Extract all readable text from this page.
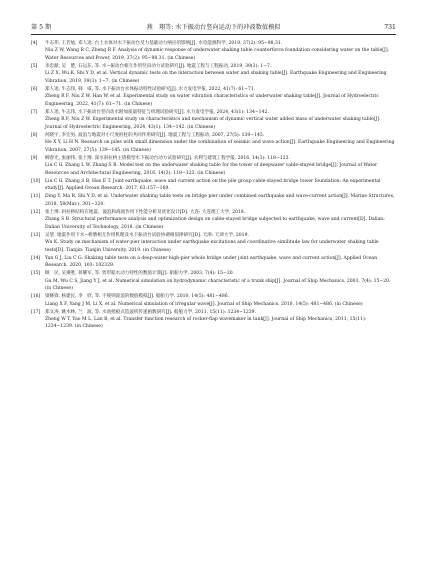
第 5 期	燕　翔等: 水下振动台竖向运动下的冲波数值模拟	731
[4] 牛志伟, 王若灿, 邓人逵. 台上水体对水下振动台反力基础动力响应的影响[J]. 水电能源科学, 2019, 37(2): 95−98,31.
Niu Z W, Wang R C, Zheng R F. Analysis of dynamic response of underwater shaking table counterforce foundation considering water on the table[J]. Water Resources and Power, 2019, 37(2): 95−98,31. (in Chinese)
[5] 李忠献, 吴　楚, 石运东, 等. 水−振动台相互作用竖向动力试验研究[J]. 地震工程与工程振动, 2019, 39(3): 1−7.
Li Z X, Wu K, Shi Y D, et al. Vertical dynamic tests on the interaction between water and shaking table[J]. Earthquake Engineering and Engineering Vibration, 2019, 39(3): 1−7. (in Chinese)
[6] 郑人逵, 牛志伟, 韩　威, 等. 水下振动台水体振动特性试验研究[J]. 水力发电学报, 2022, 41(7): 61−71.
Zheng R F, Niu Z W, Han W, et al. Experimental study on water vibration characteristics of underwater shaking table[J]. Journal of Hydroelectric Engineering, 2022, 41(7): 61−71. (in Chinese)
[7] 郑人逵, 牛志伟. 水下振动台竖向动水附加质量特征与机理试验研究[J]. 水力发电学报, 2024, 43(1): 134−142.
Zheng R F, Niu Z W. Experimental study on characteristics and mechanism of dynamic vertical water added mass of underwater shaking table[J]. Journal of Hydroelectric Engineering, 2024, 43(1): 134−142. (in Chinese)
[8] 何晓宇, 李宏男. 波浪与地震对小尺度桩柱的共同作用研究[J]. 地震工程与工程振动, 2007, 27(5): 139−145.
He X Y, Li H N. Research on piles with small dimension under the combination of seismic and wave action[J]. Earthquake Engineering and Engineering Vibration, 2007, 27(5): 139−145. (in Chinese)
[9] 柳春光, 张丽伟, 张士博. 深水斜拉桥主塔模型水下振动台动力试验研究[J]. 水利与建筑工程学报, 2016, 14(3): 118−123.
Liu C G, Zhang L W, Zhang S B. Model test on the underwater shaking table for the tower of deepwater cable-stayed bridge[J]. Journal of Water Resources and Architectural Engineering, 2016, 14(3): 118−123. (in Chinese)
[10] Liu C G, Zhang S B, Hao E T. Joint earthquake, wave and current action on the pile group cable-stayed bridge tower foundation: An experimental study[J]. Applied Ocean Research, 2017, 63:157−169.
[11] Ding Y, Ma R, Shi Y D, et al. Underwater shaking table tests on bridge pier under combined earthquake and wave-current action[J]. Marine Structures, 2018, 58(Mar.): 301−320.
[12] 张士博. 斜拉桥结构在地震、波浪和海流作用下性能分析及优化设计[D]. 大连: 大连理工大学, 2018.
Zhang S B. Structural performance analysis and optimization design on cable-stayed bridge subjected to earthquake, wave and current[D]. Dalian: Dalian University of Technology, 2018. (in Chinese)
[13] 吴堃. 地震作用下水−桥墩相互作用机理及水下振动台试验协调相似律研究[D]. 天津: 天津大学, 2019.
Wu K. Study on mechanism of water-pier interaction under earthquake excitations and coordinative similitude law for underwater shaking table tests[D]. Tianjin: Tianjin University, 2019. (in Chinese)
[14] Yan G J, Liu C G. Shaking table tests on a deep-water high-pier whole bridge under joint earthquake, wave and current action[J]. Applied Ocean Research, 2020, 103: 102329.
[15] 顾　民, 吴乘胜, 蒋耀军, 等. 剪形船水动力特性的数值计算[J]. 船舶力学, 2003, 7(4): 15−20.
Gu M, Wu C S, Jiang Y J, et al. Numerical simulation on hydrodynamic characteristic of a trunk ship[J]. Journal of Ship Mechanics, 2003, 7(4): 15−20. (in Chinese)
[16] 梁修锋, 杨建民, 李　欣, 等. 不规则波浪的数值模拟[J]. 船舶力学, 2010, 14(5): 481−486.
Liang X F, Yang J M, Li X, et al. Numerical simulation of irregular wave[J]. Journal of Ship Mechanics, 2010, 14(5): 481−486. (in Chinese)
[17] 郑文涛, 姚木林, 兰　波, 等. 水池摇板式造波机传递函数研究[J]. 船舶力学, 2011, 15(11): 1234−1239.
Zheng W T, Yao M L, Lan B, et al. Transfer function research of rocker-flap wavemaker in tank[J]. Journal of Ship Mechanics, 2011, 15(11): 1234−1239. (in Chinese)
